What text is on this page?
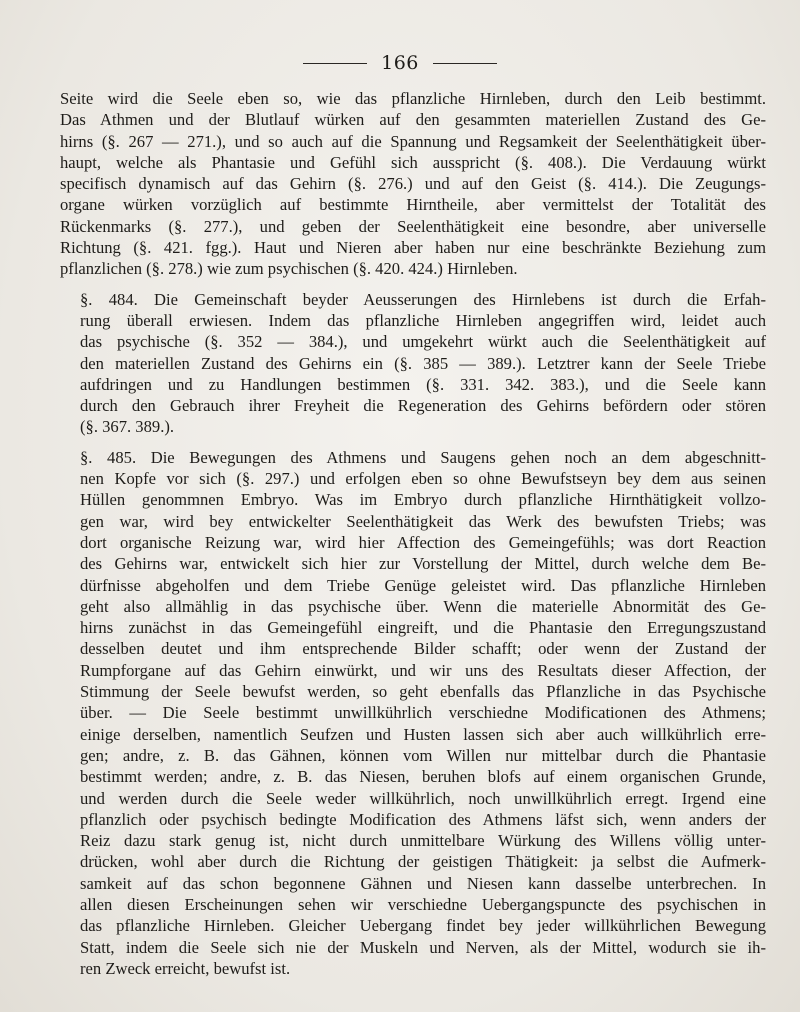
166
Seite wird die Seele eben so, wie das pflanzliche Hirnleben, durch den Leib bestimmt.
Das Athmen und der Blutlauf würken auf den gesammten materiellen Zustand des Ge-
hirns (§. 267 — 271.), und so auch auf die Spannung und Regsamkeit der Seelenthätigkeit über-
haupt, welche als Phantasie und Gefühl sich ausspricht (§. 408.). Die Verdauung würkt
specifisch dynamisch auf das Gehirn (§. 276.) und auf den Geist (§. 414.). Die Zeugungs-
organe würken vorzüglich auf bestimmte Hirntheile, aber vermittelst der Totalität des
Rückenmarks (§. 277.), und geben der Seelenthätigkeit eine besondre, aber universelle
Richtung (§. 421. fgg.). Haut und Nieren aber haben nur eine beschränkte Beziehung zum
pflanzlichen (§. 278.) wie zum psychischen (§. 420. 424.) Hirnleben.
§. 484. Die Gemeinschaft beyder Aeusserungen des Hirnlebens ist durch die Erfah-
rung überall erwiesen. Indem das pflanzliche Hirnleben angegriffen wird, leidet auch
das psychische (§. 352 — 384.), und umgekehrt würkt auch die Seelenthätigkeit auf
den materiellen Zustand des Gehirns ein (§. 385 — 389.). Letztrer kann der Seele Triebe
aufdringen und zu Handlungen bestimmen (§. 331. 342. 383.), und die Seele kann
durch den Gebrauch ihrer Freyheit die Regeneration des Gehirns befördern oder stören
(§. 367. 389.).
§. 485. Die Bewegungen des Athmens und Saugens gehen noch an dem abgeschnitt-
nen Kopfe vor sich (§. 297.) und erfolgen eben so ohne Bewufstseyn bey dem aus seinen
Hüllen genommnen Embryo. Was im Embryo durch pflanzliche Hirnthätigkeit vollzo-
gen war, wird bey entwickelter Seelenthätigkeit das Werk des bewufsten Triebs; was
dort organische Reizung war, wird hier Affection des Gemeingefühls; was dort Reaction
des Gehirns war, entwickelt sich hier zur Vorstellung der Mittel, durch welche dem Be-
dürfnisse abgeholfen und dem Triebe Genüge geleistet wird. Das pflanzliche Hirnleben
geht also allmählig in das psychische über. Wenn die materielle Abnormität des Ge-
hirns zunächst in das Gemeingefühl eingreift, und die Phantasie den Erregungszustand
desselben deutet und ihm entsprechende Bilder schafft; oder wenn der Zustand der
Rumpforgane auf das Gehirn einwürkt, und wir uns des Resultats dieser Affection, der
Stimmung der Seele bewufst werden, so geht ebenfalls das Pflanzliche in das Psychische
über. — Die Seele bestimmt unwillkührlich verschiedne Modificationen des Athmens;
einige derselben, namentlich Seufzen und Husten lassen sich aber auch willkührlich erre-
gen; andre, z. B. das Gähnen, können vom Willen nur mittelbar durch die Phantasie
bestimmt werden; andre, z. B. das Niesen, beruhen blofs auf einem organischen Grunde,
und werden durch die Seele weder willkührlich, noch unwillkührlich erregt. Irgend eine
pflanzlich oder psychisch bedingte Modification des Athmens läfst sich, wenn anders der
Reiz dazu stark genug ist, nicht durch unmittelbare Würkung des Willens völlig unter-
drücken, wohl aber durch die Richtung der geistigen Thätigkeit: ja selbst die Aufmerk-
samkeit auf das schon begonnene Gähnen und Niesen kann dasselbe unterbrechen. In
allen diesen Erscheinungen sehen wir verschiedne Uebergangspuncte des psychischen in
das pflanzliche Hirnleben. Gleicher Uebergang findet bey jeder willkührlichen Bewegung
Statt, indem die Seele sich nie der Muskeln und Nerven, als der Mittel, wodurch sie ih-
ren Zweck erreicht, bewufst ist.
